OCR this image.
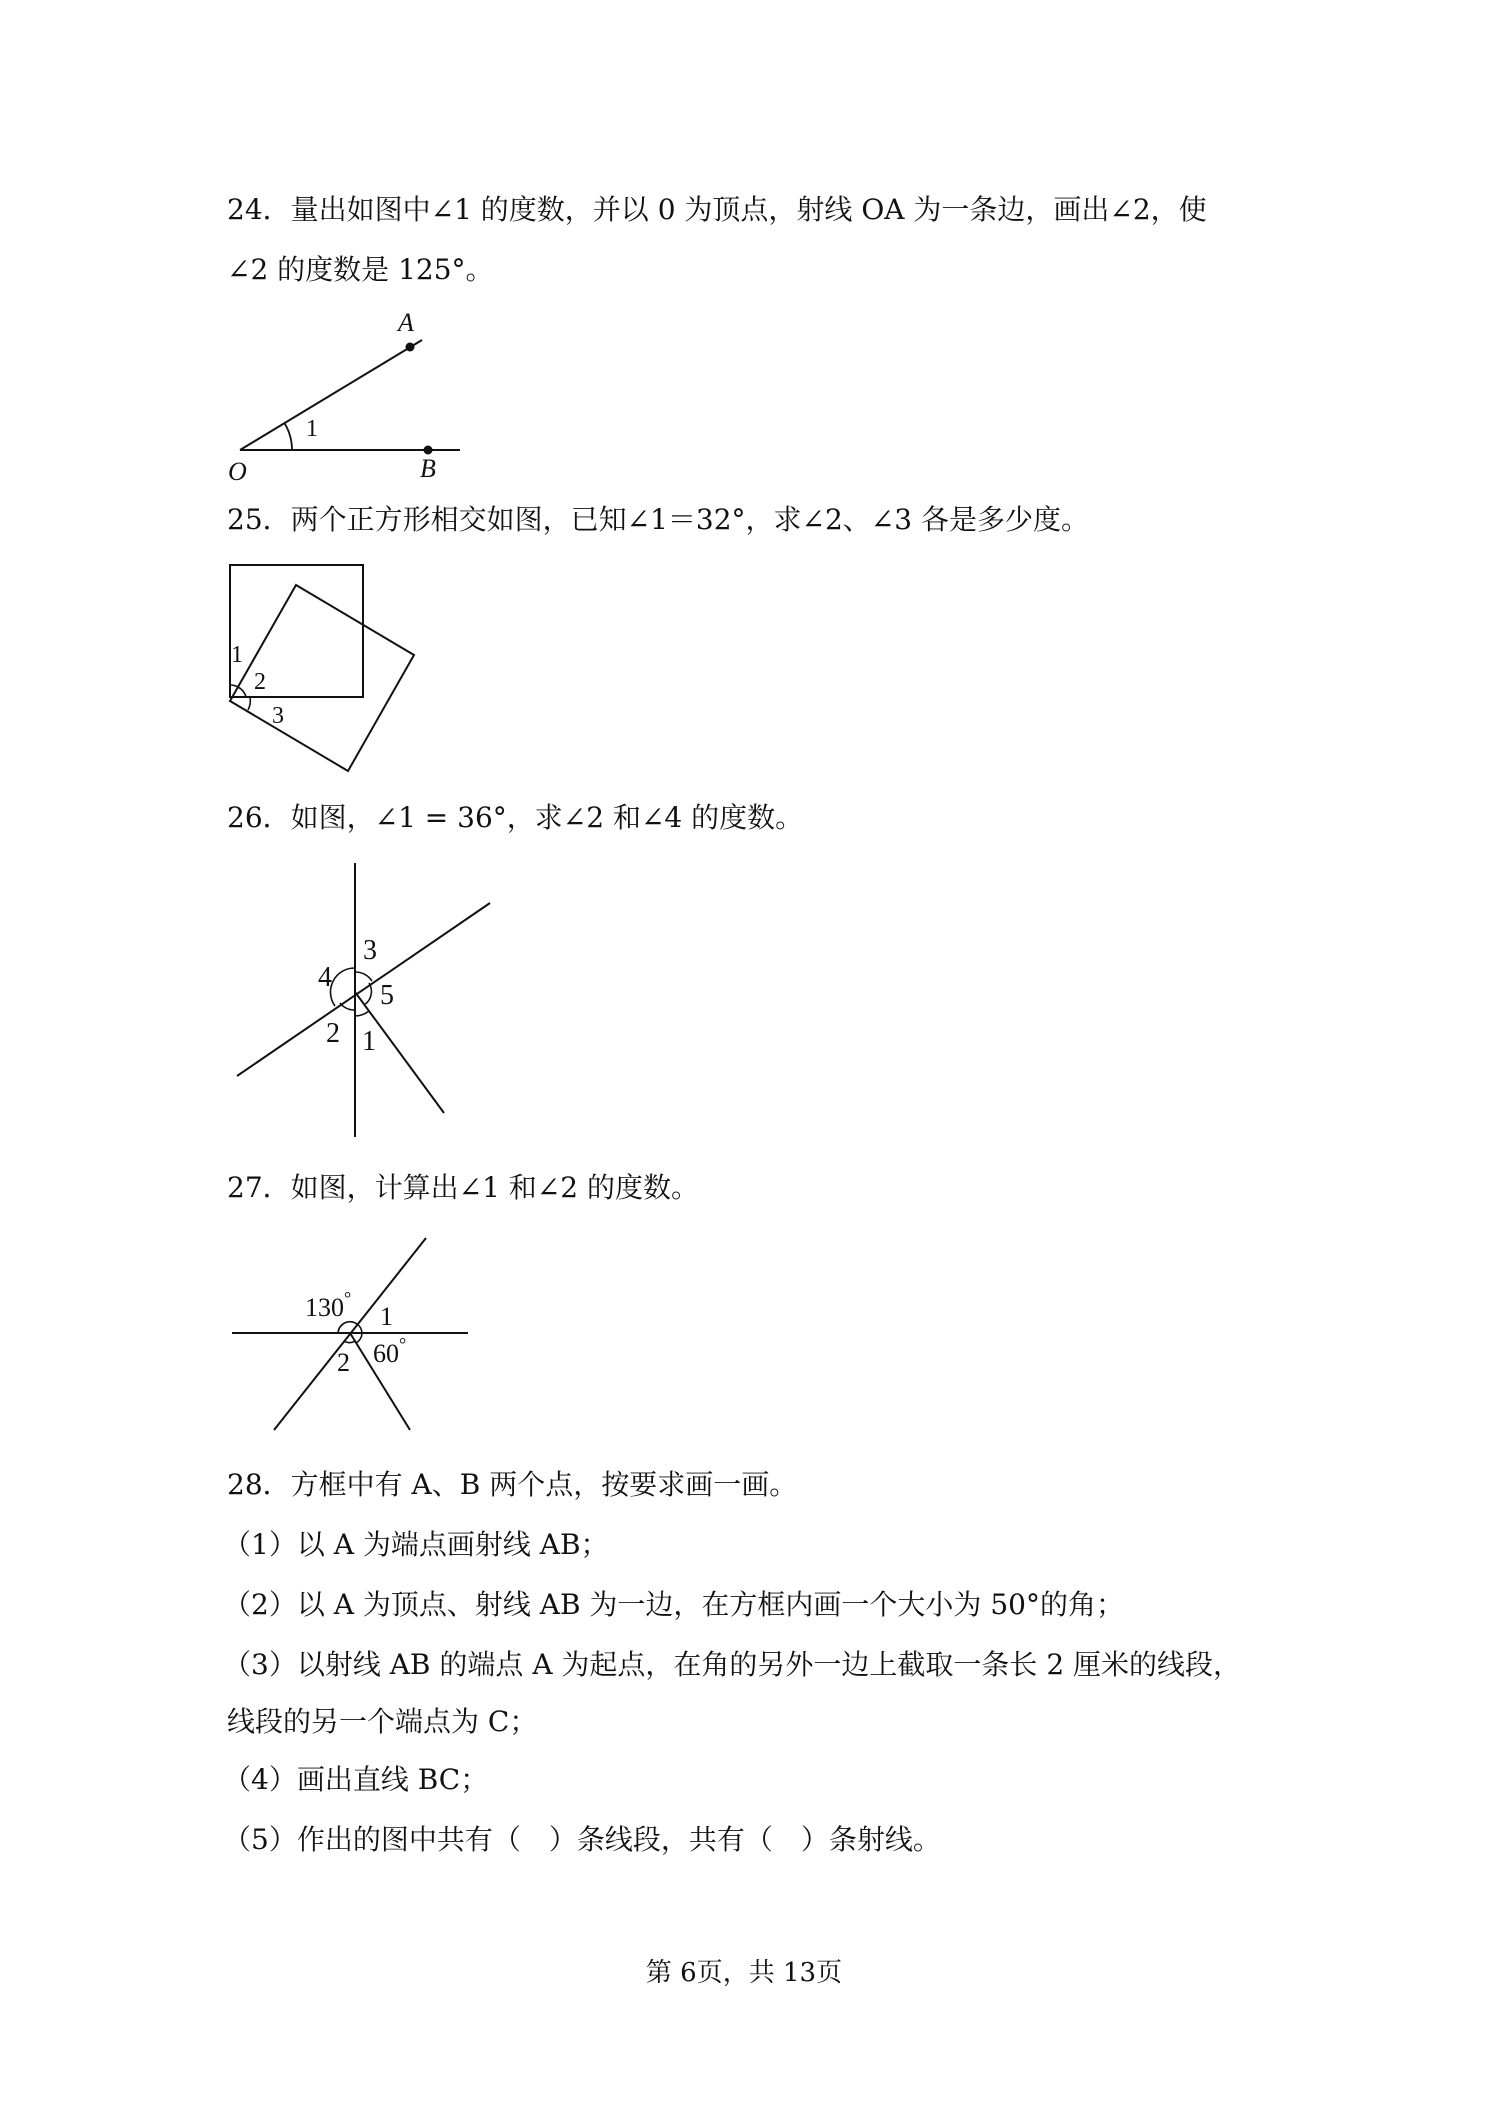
24．量出如图中∠1 的度数，并以 0 为顶点，射线 OA 为一条边，画出∠2，使
∠2 的度数是 125°。
A
O	B
1
25．两个正方形相交如图，已知∠1＝32°，求∠2、∠3 各是多少度。
1
2
3
26．如图，∠1 = 36°，求∠2 和∠4 的度数。
3
4
5
2 1
27．如图，计算出∠1 和∠2 的度数。
130°
1
60°
2
28．方框中有 A、B 两个点，按要求画一画。
（1）以 A 为端点画射线 AB；
（2）以 A 为顶点、射线 AB 为一边，在方框内画一个大小为 50°的角；
（3）以射线 AB 的端点 A 为起点，在角的另外一边上截取一条长 2 厘米的线段，
线段的另一个端点为 C；
（4）画出直线 BC；
（5）作出的图中共有（　）条线段，共有（　）条射线。
第 6页，共 13页
